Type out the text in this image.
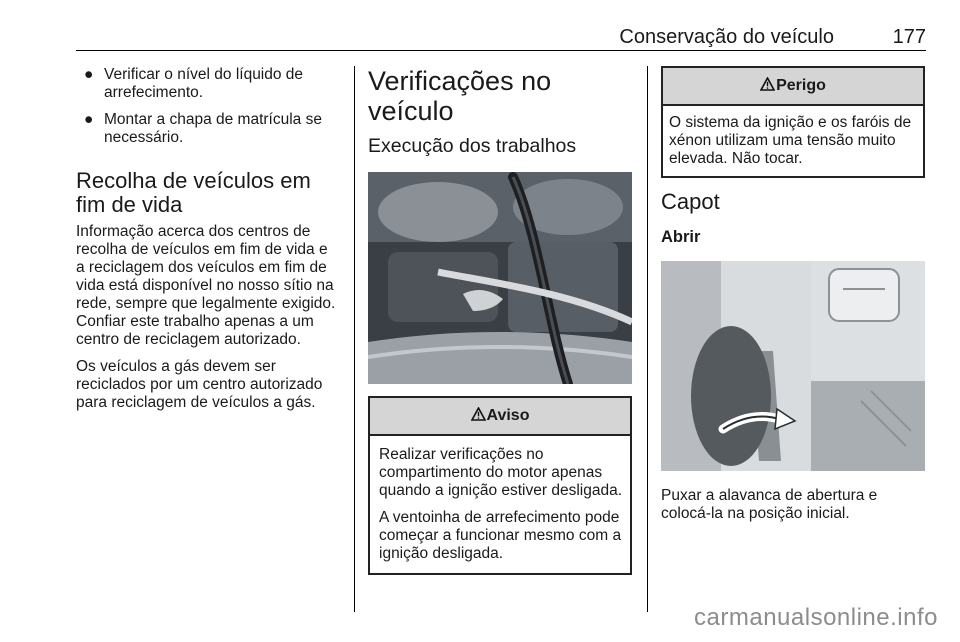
Conservação do veículo	177
● Verificar o nível do líquido de arrefecimento.
● Montar a chapa de matrícula se necessário.
Recolha de veículos em fim de vida

Informação acerca dos centros de recolha de veículos em fim de vida e a reciclagem dos veículos em fim de vida está disponível no nosso sítio na rede, sempre que legalmente exigido. Confiar este trabalho apenas a um centro de reciclagem autorizado.

Os veículos a gás devem ser reciclados por um centro autorizado para reciclagem de veículos a gás.

Verificações no veículo
Execução dos trabalhos
Aviso

Realizar verificações no compartimento do motor apenas quando a ignição estiver desligada.

A ventoinha de arrefecimento pode começar a funcionar mesmo com a ignição desligada.

Perigo

O sistema da ignição e os faróis de xénon utilizam uma tensão muito elevada. Não tocar.

Capot
Abrir

Puxar a alavanca de abertura e colocá-la na posição inicial.

carmanualsonline.info
